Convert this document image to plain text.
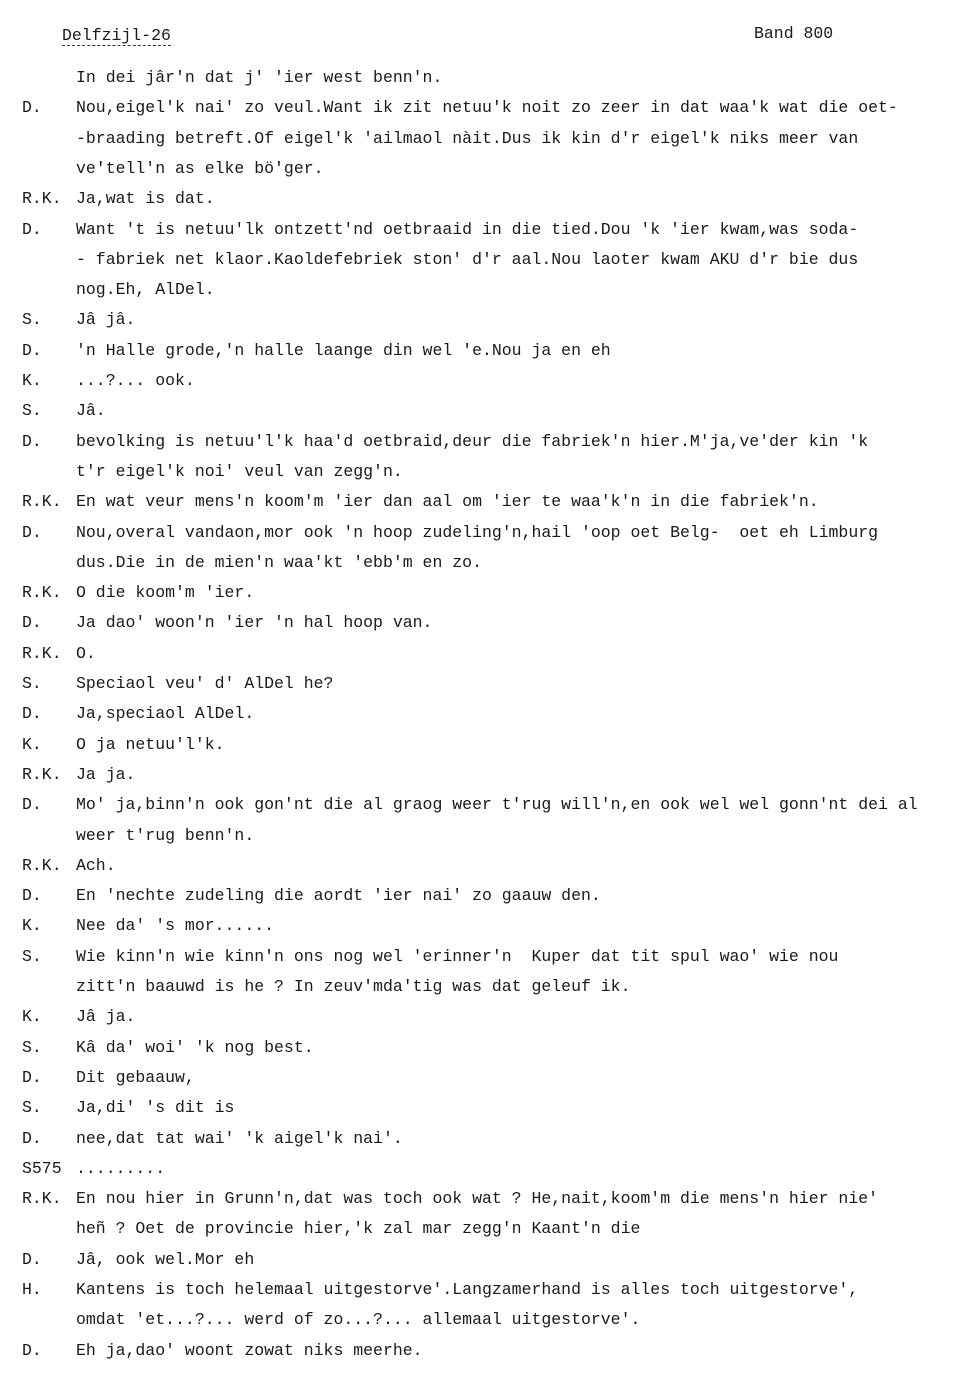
Delfzijl-26	Band 800
In dei jâr'n dat j' 'ier west benn'n.
D. Nou,eigel'k nai' zo veul.Want ik zit netuu'k noit zo zeer in dat waa'k wat die oet-
-braading betreft.Of eigel'k 'ailmaol nàit.Dus ik kin d'r eigel'k niks meer van
ve'tell'n as elke bö'ger.
R.K. Ja,wat is dat.
D. Want 't is netuu'lk ontzett'nd oetbraaid in die tied.Dou 'k 'ier kwam,was soda-
- fabriek net klaor.Kaoldefebriek ston' d'r aal.Nou laoter kwam AKU d'r bie dus
nog.Eh, AlDel.
S. Jâ jâ.
D. 'n Halle grode,'n halle laange din wel 'e.Nou ja en eh
K. ...?... ook.
S. Jâ.
D. bevolking is netuu'l'k haa'd oetbraid,deur die fabriek'n hier.M'ja,ve'der kin 'k
t'r eigel'k noi' veul van zegg'n.
R.K. En wat veur mens'n koom'm 'ier dan aal om 'ier te waa'k'n in die fabriek'n.
D. Nou,overal vandaon,mor ook 'n hoop zudeling'n,hail 'oop oet Belg-  oet eh Limburg
dus.Die in de mien'n waa'kt 'ebb'm en zo.
R.K. O die koom'm 'ier.
D. Ja dao' woon'n 'ier 'n hal hoop van.
R.K. O.
S. Speciaol veu' d' AlDel he?
D. Ja,speciaol AlDel.
K. O ja netuu'l'k.
R.K. Ja ja.
D. Mo' ja,binn'n ook gon'nt die al graog weer t'rug will'n,en ook wel wel gonn'nt dei al
weer t'rug benn'n.
R.K. Ach.
D. En 'nechte zudeling die aordt 'ier nai' zo gaauw den.
K. Nee da' 's mor......
S. Wie kinn'n wie kinn'n ons nog wel 'erinner'n  Kuper dat tit spul wao' wie nou
zitt'n baauwd is he ? In zeuv'mda'tig was dat geleuf ik.
K. Jâ ja.
S. Kâ da' woi' 'k nog best.
D. Dit gebaauw,
S. Ja,di' 's dit is
D. nee,dat tat wai' 'k aigel'k nai'.
S575 .........
R.K. En nou hier in Grunn'n,dat was toch ook wat ? He,nait,koom'm die mens'n hier nie'
heñ ? Oet de provincie hier,'k zal mar zegg'n Kaant'n die
D. Jâ, ook wel.Mor eh
H. Kantens is toch helemaal uitgestorve'.Langzamerhand is alles toch uitgestorve',
omdat 'et...?... werd of zo...?... allemaal uitgestorve'.
D. Eh ja,dao' woont zowat niks meerhe.
